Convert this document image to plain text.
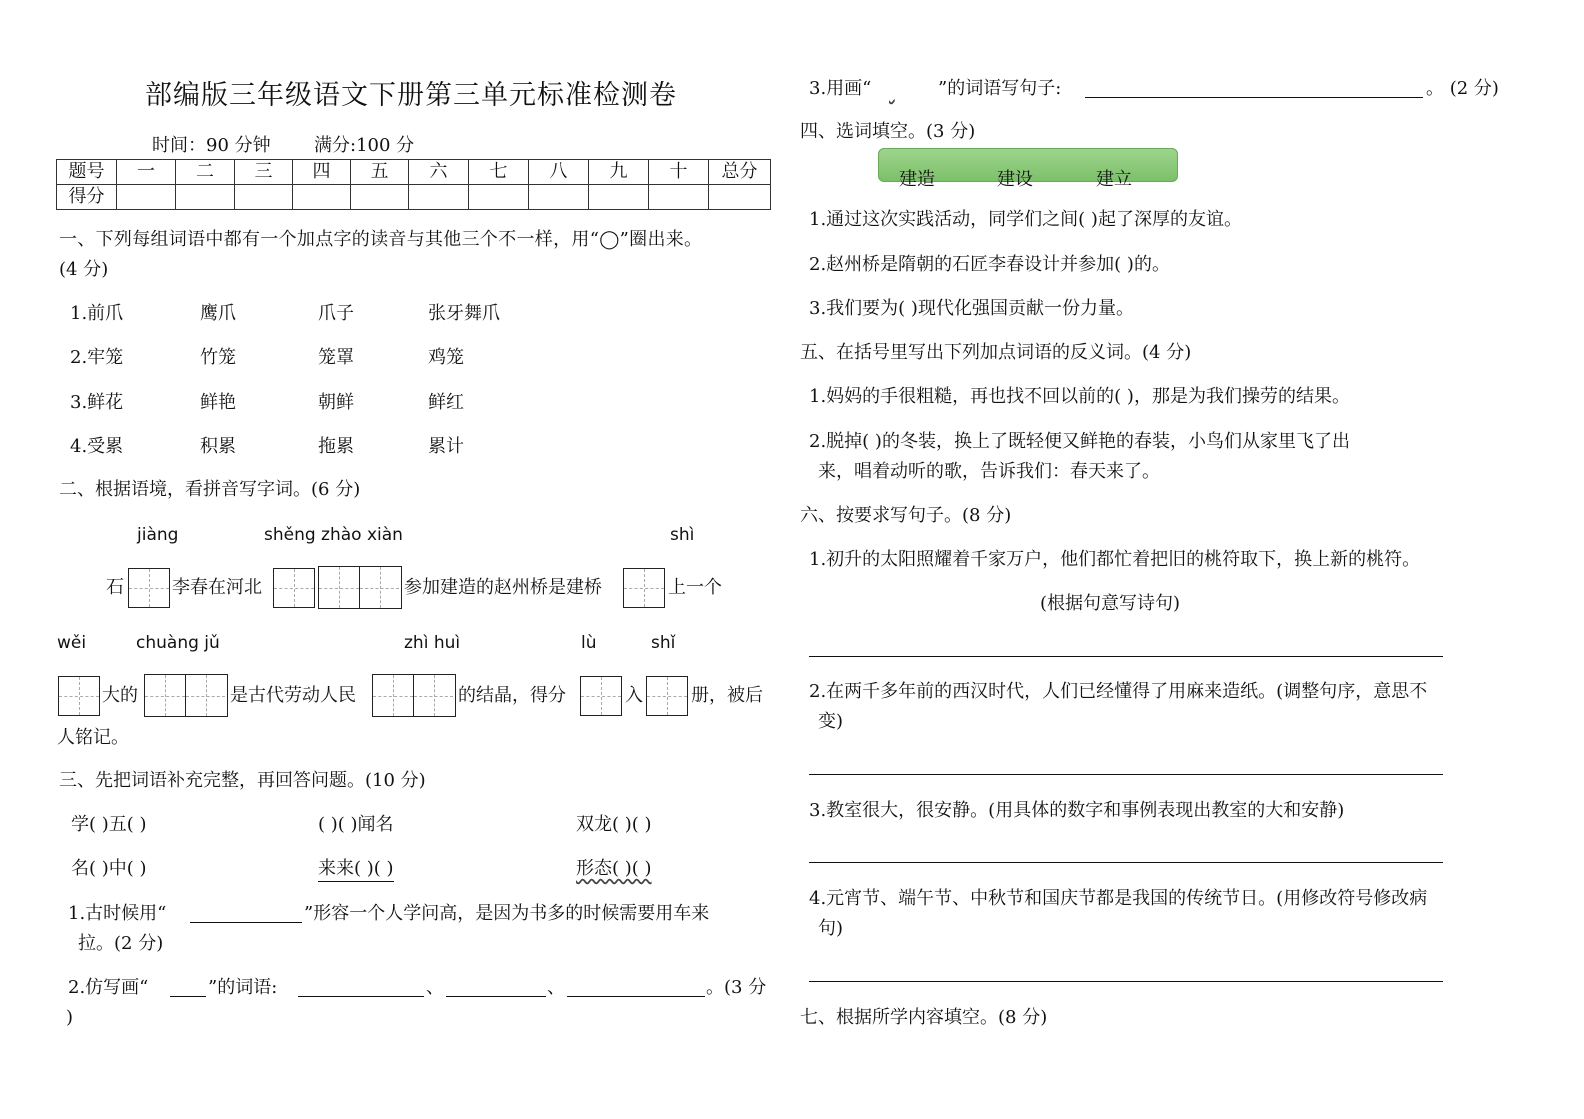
部编版三年级语文下册第三单元标准检测卷
时间：90 分钟 满分:100 分
题号	一	二	三	四	五	六	七	八	九	十	总分
得分											
一、下列每组词语中都有一个加点字的读音与其他三个不一样，用“◯”圈出来。
(4 分)
1.前爪	鹰爪	爪子	张牙舞爪
2.牢笼	竹笼	笼罩	鸡笼
3.鲜花	鲜艳	朝鲜	鲜红
4.受累	积累	拖累	累计
二、根据语境，看拼音写字词。(6 分)
jiàng	shěng zhào xiàn	shì
石	李春在河北	参加建造的赵州桥是建桥	上一个
wěi	chuàng jǔ	zhì huì	lù	shǐ
大的	是古代劳动人民	的结晶，得分	入	册，被后
人铭记。
三、先把词语补充完整，再回答问题。(10 分)
学( )五( )	( )( )闻名	双龙( )( )
名( )中( )	来来( )( )	形态( )( )
1.古时候用“	”形容一个人学问高，是因为书多的时候需要用车来
拉。(2 分)
2.仿写画“	”的词语:	、	、	。(3 分
)
3.用画“
	”的词语写句子:	。 (2 分)
四、选词填空。(3 分)
建造	建设	建立
1.通过这次实践活动，同学们之间( )起了深厚的友谊。
2.赵州桥是隋朝的石匠李春设计并参加( )的。
3.我们要为( )现代化强国贡献一份力量。
五、在括号里写出下列加点词语的反义词。(4 分)
1.妈妈的手很粗糙，再也找不回以前的( )，那是为我们操劳的结果。
2.脱掉( )的冬装，换上了既轻便又鲜艳的春装，小鸟们从家里飞了出
来，唱着动听的歌，告诉我们：春天来了。
六、按要求写句子。(8 分)
1.初升的太阳照耀着千家万户，他们都忙着把旧的桃符取下，换上新的桃符。
(根据句意写诗句)
2.在两千多年前的西汉时代，人们已经懂得了用麻来造纸。(调整句序，意思不
变)
3.教室很大，很安静。(用具体的数字和事例表现出教室的大和安静)
4.元宵节、端午节、中秋节和国庆节都是我国的传统节日。(用修改符号修改病
句)
七、根据所学内容填空。(8 分)
